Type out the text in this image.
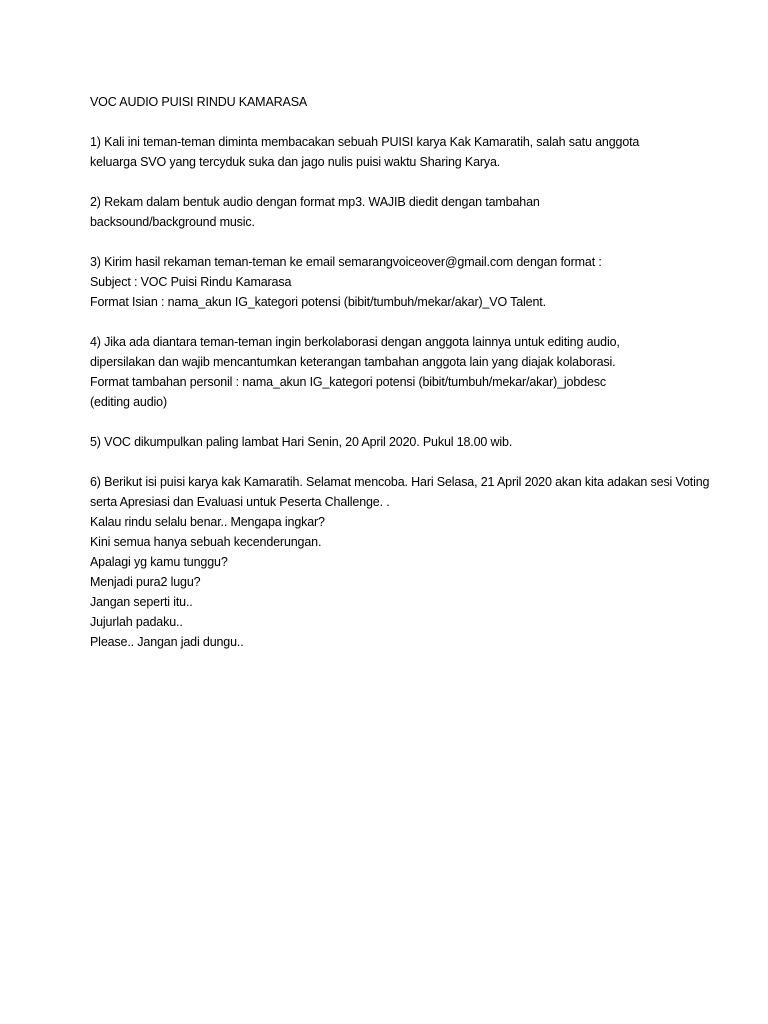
VOC AUDIO PUISI RINDU KAMARASA

1) Kali ini teman-teman diminta membacakan sebuah PUISI karya Kak Kamaratih, salah satu anggota
keluarga SVO yang tercyduk suka dan jago nulis puisi waktu Sharing Karya.

2) Rekam dalam bentuk audio dengan format mp3. WAJIB diedit dengan tambahan
backsound/background music.

3) Kirim hasil rekaman teman-teman ke email semarangvoiceover@gmail.com dengan format :
Subject : VOC Puisi Rindu Kamarasa
Format Isian : nama_akun IG_kategori potensi (bibit/tumbuh/mekar/akar)_VO Talent.

4) Jika ada diantara teman-teman ingin berkolaborasi dengan anggota lainnya untuk editing audio,
dipersilakan dan wajib mencantumkan keterangan tambahan anggota lain yang diajak kolaborasi.
Format tambahan personil : nama_akun IG_kategori potensi (bibit/tumbuh/mekar/akar)_jobdesc
(editing audio)

5) VOC dikumpulkan paling lambat Hari Senin, 20 April 2020. Pukul 18.00 wib.

6) Berikut isi puisi karya kak Kamaratih. Selamat mencoba. Hari Selasa, 21 April 2020 akan kita adakan sesi Voting serta Apresiasi dan Evaluasi untuk Peserta Challenge. .

Kalau rindu selalu benar.. Mengapa ingkar?
Kini semua hanya sebuah kecenderungan.
Apalagi yg kamu tunggu?
Menjadi pura2 lugu?
Jangan seperti itu..
Jujurlah padaku..
Please.. Jangan jadi dungu..
